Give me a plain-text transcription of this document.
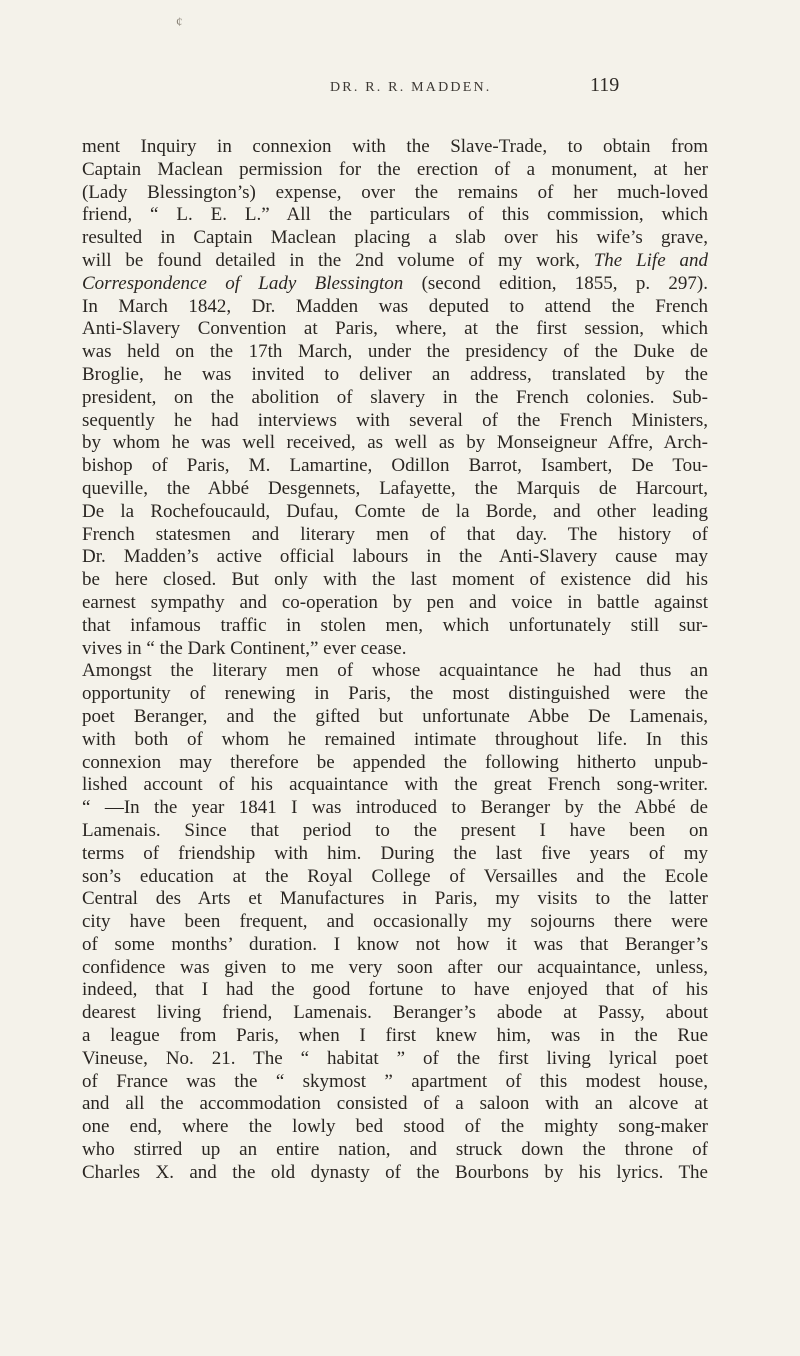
¢
DR. R. R. MADDEN.	119
ment Inquiry in connexion with the Slave-Trade, to obtain from
Captain Maclean permission for the erection of a monument, at her
(Lady Blessington’s) expense, over the remains of her much-loved
friend, “ L. E. L.” All the particulars of this commission, which
resulted in Captain Maclean placing a slab over his wife’s grave,
will be found detailed in the 2nd volume of my work, The Life and
Correspondence of Lady Blessington (second edition, 1855, p. 297).
In March 1842, Dr. Madden was deputed to attend the French
Anti-Slavery Convention at Paris, where, at the first session, which
was held on the 17th March, under the presidency of the Duke de
Broglie, he was invited to deliver an address, translated by the
president, on the abolition of slavery in the French colonies. Sub-
sequently he had interviews with several of the French Ministers,
by whom he was well received, as well as by Monseigneur Affre, Arch-
bishop of Paris, M. Lamartine, Odillon Barrot, Isambert, De Tou-
queville, the Abbé Desgennets, Lafayette, the Marquis de Harcourt,
De la Rochefoucauld, Dufau, Comte de la Borde, and other leading
French statesmen and literary men of that day. The history of
Dr. Madden’s active official labours in the Anti-Slavery cause may
be here closed. But only with the last moment of existence did his
earnest sympathy and co-operation by pen and voice in battle against
that infamous traffic in stolen men, which unfortunately still sur-
vives in “ the Dark Continent,” ever cease.
Amongst the literary men of whose acquaintance he had thus an
opportunity of renewing in Paris, the most distinguished were the
poet Beranger, and the gifted but unfortunate Abbe De Lamenais,
with both of whom he remained intimate throughout life. In this
connexion may therefore be appended the following hitherto unpub-
lished account of his acquaintance with the great French song-writer.
“ —In the year 1841 I was introduced to Beranger by the Abbé de
Lamenais. Since that period to the present I have been on
terms of friendship with him. During the last five years of my
son’s education at the Royal College of Versailles and the Ecole
Central des Arts et Manufactures in Paris, my visits to the latter
city have been frequent, and occasionally my sojourns there were
of some months’ duration. I know not how it was that Beranger’s
confidence was given to me very soon after our acquaintance, unless,
indeed, that I had the good fortune to have enjoyed that of his
dearest living friend, Lamenais. Beranger’s abode at Passy, about
a league from Paris, when I first knew him, was in the Rue
Vineuse, No. 21. The “ habitat ” of the first living lyrical poet
of France was the “ skymost ” apartment of this modest house,
and all the accommodation consisted of a saloon with an alcove at
one end, where the lowly bed stood of the mighty song-maker
who stirred up an entire nation, and struck down the throne of
Charles X. and the old dynasty of the Bourbons by his lyrics. The
